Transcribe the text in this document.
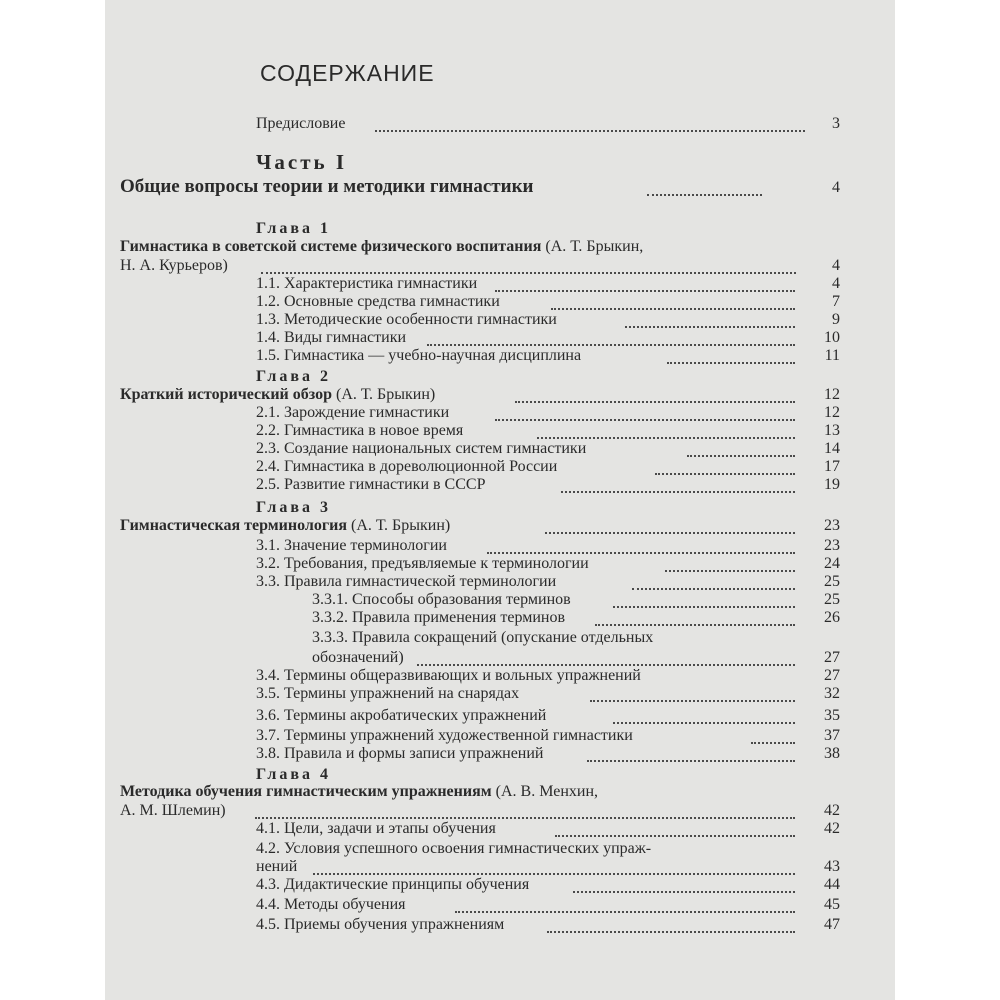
СОДЕРЖАНИЕ
Предисловие	3
Часть I
Общие вопросы теории и методики гимнастики	4
Глава 1
Гимнастика в советской системе физического воспитания (А. Т. Брыкин,
Н. А. Курьеров)	4
1.1. Характеристика гимнастики	4
1.2. Основные средства гимнастики	7
1.3. Методические особенности гимнастики	9
1.4. Виды гимнастики	10
1.5. Гимнастика — учебно-научная дисциплина	11
Глава 2
Краткий исторический обзор (А. Т. Брыкин)	12
2.1. Зарождение гимнастики	12
2.2. Гимнастика в новое время	13
2.3. Создание национальных систем гимнастики	14
2.4. Гимнастика в дореволюционной России	17
2.5. Развитие гимнастики в СССР	19
Глава 3
Гимнастическая терминология (А. Т. Брыкин)	23
3.1. Значение терминологии	23
3.2. Требования, предъявляемые к терминологии	24
3.3. Правила гимнастической терминологии	25
3.3.1. Способы образования терминов	25
3.3.2. Правила применения терминов	26
3.3.3. Правила сокращений (опускание отдельных
обозначений)	27
3.4. Термины общеразвивающих и вольных упражнений	27
3.5. Термины упражнений на снарядах	32
3.6. Термины акробатических упражнений	35
3.7. Термины упражнений художественной гимнастики	37
3.8. Правила и формы записи упражнений	38
Глава 4
Методика обучения гимнастическим упражнениям (А. В. Менхин,
А. М. Шлемин)	42
4.1. Цели, задачи и этапы обучения	42
4.2. Условия успешного освоения гимнастических упраж-
нений	43
4.3. Дидактические принципы обучения	44
4.4. Методы обучения	45
4.5. Приемы обучения упражнениям	47
